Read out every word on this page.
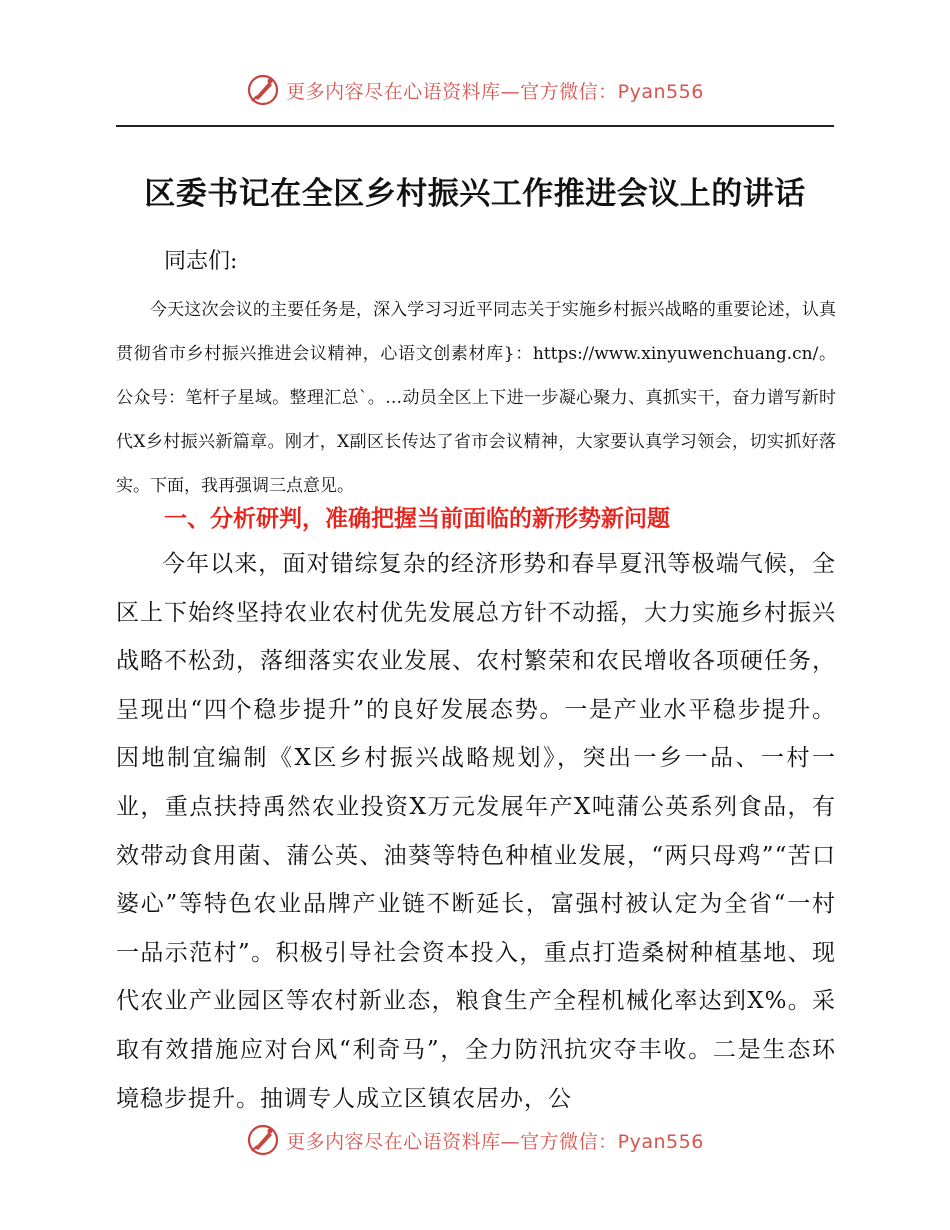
更多内容尽在心语资料库—官方微信：Pyan556
区委书记在全区乡村振兴工作推进会议上的讲话

同志们:

今天这次会议的主要任务是，深入学习习近平同志关于实施乡村振兴战略的重要论述，认真贯彻省市乡村振兴推进会议精神，心语文创素材库}：https://www.xinyuwenchuang.cn/。公众号：笔杆子星域。整理汇总`。…动员全区上下进一步凝心聚力、真抓实干，奋力谱写新时代X乡村振兴新篇章。刚才，X副区长传达了省市会议精神，大家要认真学习领会，切实抓好落实。下面，我再强调三点意见。

一、分析研判，准确把握当前面临的新形势新问题

今年以来，面对错综复杂的经济形势和春旱夏汛等极端气候，全区上下始终坚持农业农村优先发展总方针不动摇，大力实施乡村振兴战略不松劲，落细落实农业发展、农村繁荣和农民增收各项硬任务，呈现出“四个稳步提升”的良好发展态势。一是产业水平稳步提升。因地制宜编制《X区乡村振兴战略规划》，突出一乡一品、一村一业，重点扶持禹然农业投资X万元发展年产X吨蒲公英系列食品，有效带动食用菌、蒲公英、油葵等特色种植业发展，“两只母鸡”“苦口婆心”等特色农业品牌产业链不断延长，富强村被认定为全省“一村一品示范村”。积极引导社会资本投入，重点打造桑树种植基地、现代农业产业园区等农村新业态，粮食生产全程机械化率达到X%。采取有效措施应对台风“利奇马”，全力防汛抗灾夺丰收。二是生态环境稳步提升。抽调专人成立区镇农居办，公

更多内容尽在心语资料库—官方微信：Pyan556
